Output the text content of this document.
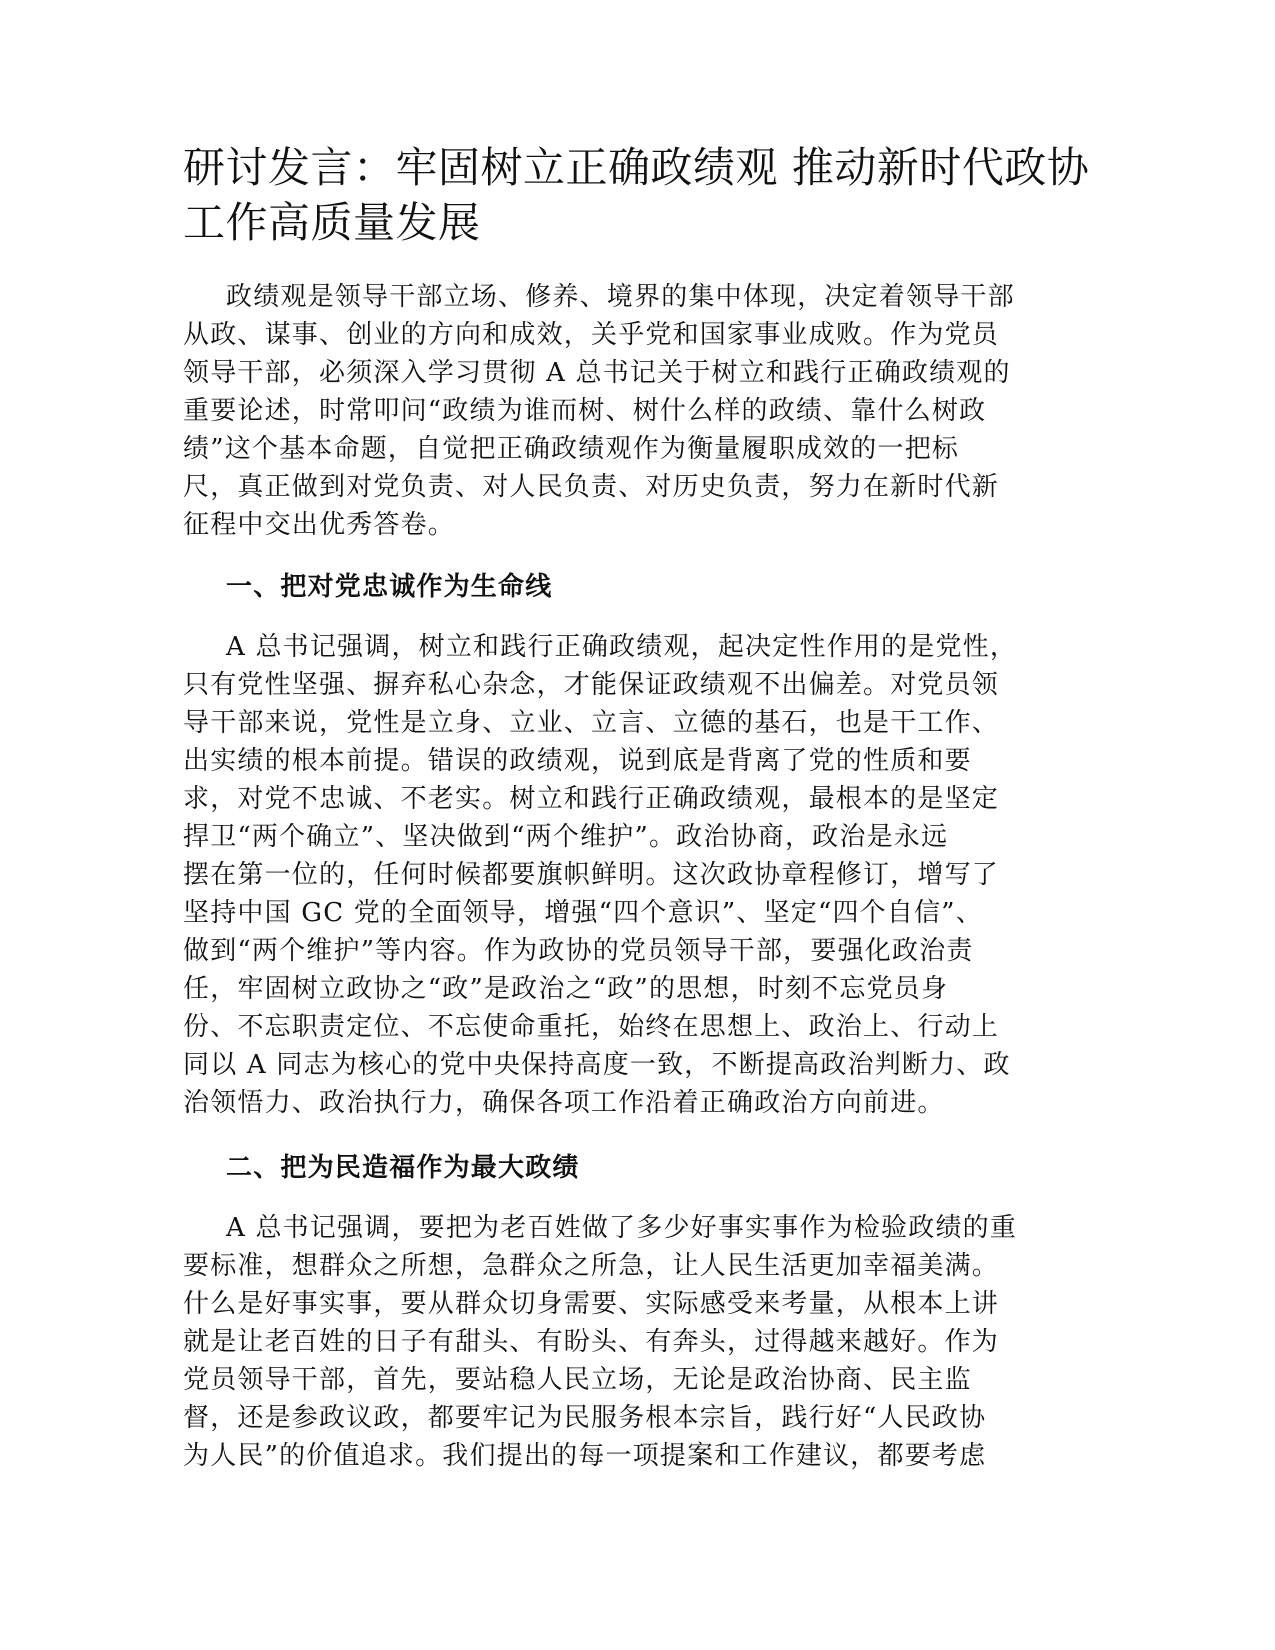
研讨发言：牢固树立正确政绩观 推动新时代政协
工作高质量发展

政绩观是领导干部立场、修养、境界的集中体现，决定着领导干部
从政、谋事、创业的方向和成效，关乎党和国家事业成败。作为党员
领导干部，必须深入学习贯彻 A 总书记关于树立和践行正确政绩观的
重要论述，时常叩问“政绩为谁而树、树什么样的政绩、靠什么树政
绩”这个基本命题，自觉把正确政绩观作为衡量履职成效的一把标
尺，真正做到对党负责、对人民负责、对历史负责，努力在新时代新
征程中交出优秀答卷。

一、把对党忠诚作为生命线

A 总书记强调，树立和践行正确政绩观，起决定性作用的是党性，
只有党性坚强、摒弃私心杂念，才能保证政绩观不出偏差。对党员领
导干部来说，党性是立身、立业、立言、立德的基石，也是干工作、
出实绩的根本前提。错误的政绩观，说到底是背离了党的性质和要
求，对党不忠诚、不老实。树立和践行正确政绩观，最根本的是坚定
捍卫“两个确立”、坚决做到“两个维护”。政治协商，政治是永远
摆在第一位的，任何时候都要旗帜鲜明。这次政协章程修订，增写了
坚持中国 GC 党的全面领导，增强“四个意识”、坚定“四个自信”、
做到“两个维护”等内容。作为政协的党员领导干部，要强化政治责
任，牢固树立政协之“政”是政治之“政”的思想，时刻不忘党员身
份、不忘职责定位、不忘使命重托，始终在思想上、政治上、行动上
同以 A 同志为核心的党中央保持高度一致，不断提高政治判断力、政
治领悟力、政治执行力，确保各项工作沿着正确政治方向前进。

二、把为民造福作为最大政绩

A 总书记强调，要把为老百姓做了多少好事实事作为检验政绩的重
要标准，想群众之所想，急群众之所急，让人民生活更加幸福美满。
什么是好事实事，要从群众切身需要、实际感受来考量，从根本上讲
就是让老百姓的日子有甜头、有盼头、有奔头，过得越来越好。作为
党员领导干部，首先，要站稳人民立场，无论是政治协商、民主监
督，还是参政议政，都要牢记为民服务根本宗旨，践行好“人民政协
为人民”的价值追求。我们提出的每一项提案和工作建议，都要考虑
